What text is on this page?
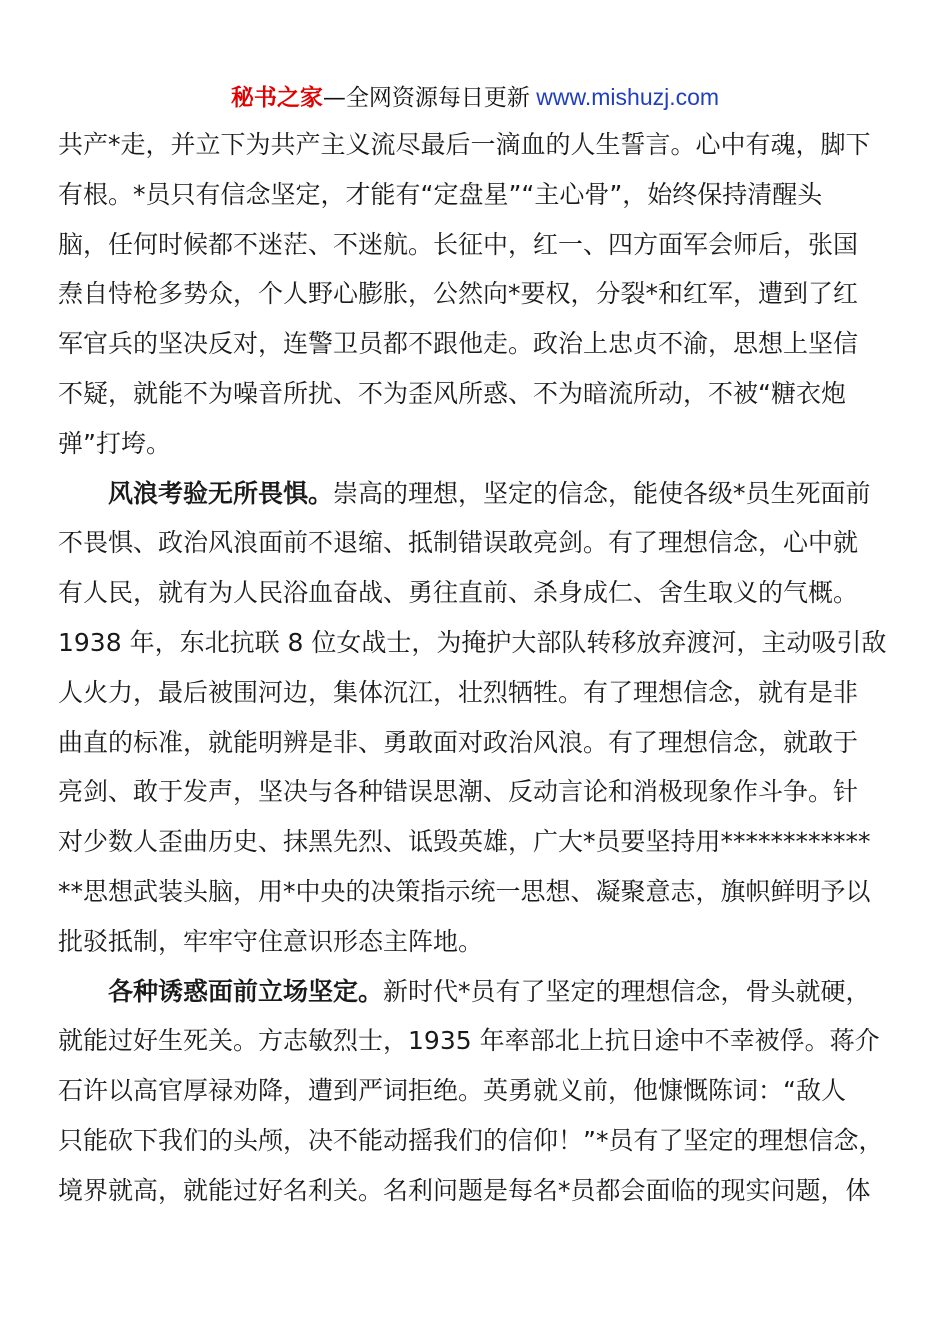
秘书之家—全网资源每日更新 www.mishuzj.com
共产*走，并立下为共产主义流尽最后一滴血的人生誓言。心中有魂，脚下
有根。*员只有信念坚定，才能有“定盘星”“主心骨”，始终保持清醒头
脑，任何时候都不迷茫、不迷航。长征中，红一、四方面军会师后，张国
焘自恃枪多势众，个人野心膨胀，公然向*要权，分裂*和红军，遭到了红
军官兵的坚决反对，连警卫员都不跟他走。政治上忠贞不渝，思想上坚信
不疑，就能不为噪音所扰、不为歪风所惑、不为暗流所动，不被“糖衣炮
弹”打垮。
风浪考验无所畏惧。崇高的理想，坚定的信念，能使各级*员生死面前
不畏惧、政治风浪面前不退缩、抵制错误敢亮剑。有了理想信念，心中就
有人民，就有为人民浴血奋战、勇往直前、杀身成仁、舍生取义的气概。
1938 年，东北抗联 8 位女战士，为掩护大部队转移放弃渡河，主动吸引敌
人火力，最后被围河边，集体沉江，壮烈牺牲。有了理想信念，就有是非
曲直的标准，就能明辨是非、勇敢面对政治风浪。有了理想信念，就敢于
亮剑、敢于发声，坚决与各种错误思潮、反动言论和消极现象作斗争。针
对少数人歪曲历史、抹黑先烈、诋毁英雄，广大*员要坚持用************
**思想武装头脑，用*中央的决策指示统一思想、凝聚意志，旗帜鲜明予以
批驳抵制，牢牢守住意识形态主阵地。
各种诱惑面前立场坚定。新时代*员有了坚定的理想信念，骨头就硬，
就能过好生死关。方志敏烈士，1935 年率部北上抗日途中不幸被俘。蒋介
石许以高官厚禄劝降，遭到严词拒绝。英勇就义前，他慷慨陈词：“敌人
只能砍下我们的头颅，决不能动摇我们的信仰！”*员有了坚定的理想信念，
境界就高，就能过好名利关。名利问题是每名*员都会面临的现实问题，体
